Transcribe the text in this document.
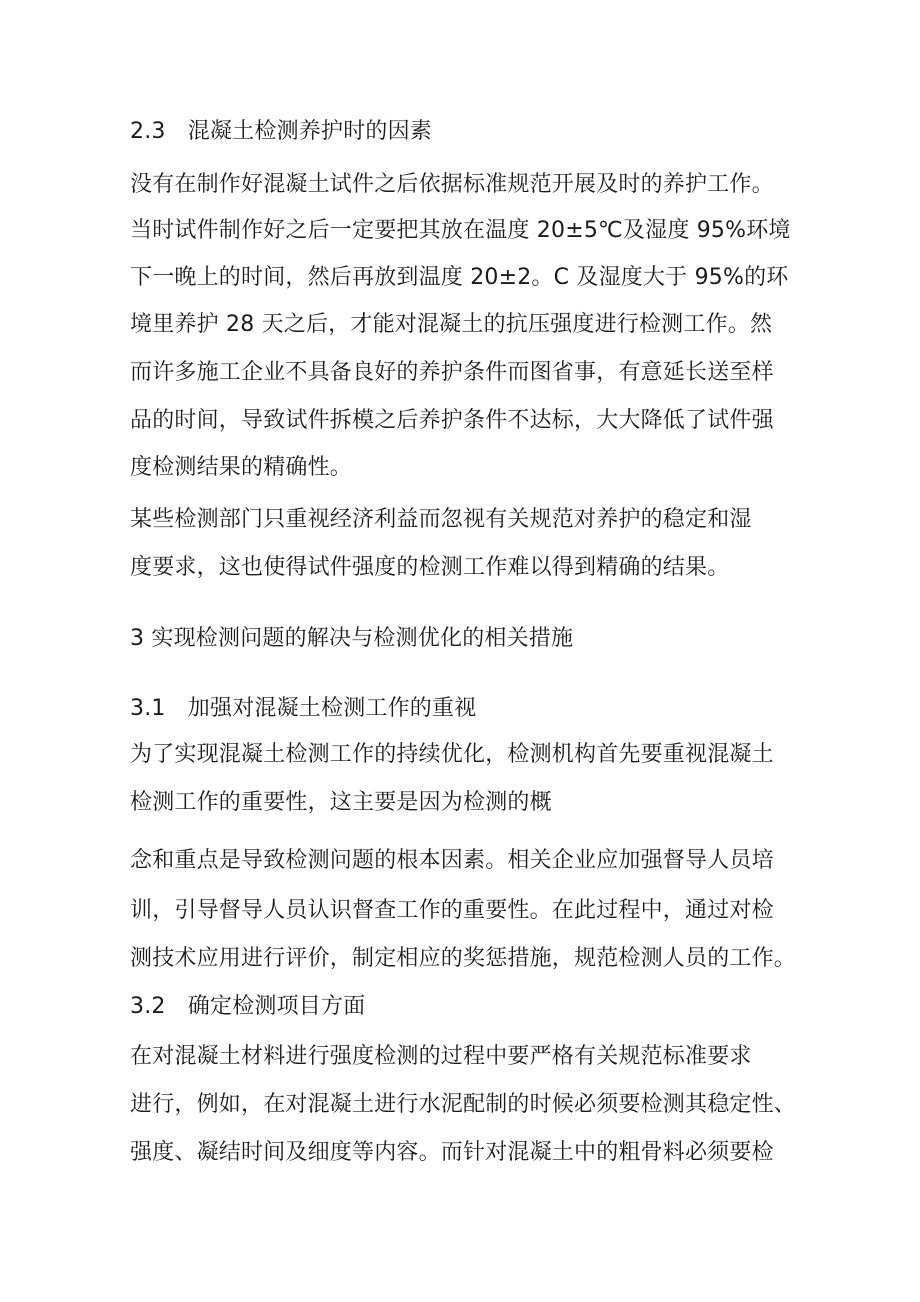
2.3　混凝土检测养护时的因素
没有在制作好混凝土试件之后依据标准规范开展及时的养护工作。
当时试件制作好之后一定要把其放在温度 20±5℃及湿度 95%环境
下一晚上的时间，然后再放到温度 20±2。C 及湿度大于 95%的环
境里养护 28 天之后，才能对混凝土的抗压强度进行检测工作。然
而许多施工企业不具备良好的养护条件而图省事，有意延长送至样
品的时间，导致试件拆模之后养护条件不达标，大大降低了试件强
度检测结果的精确性。
某些检测部门只重视经济利益而忽视有关规范对养护的稳定和湿
度要求，这也使得试件强度的检测工作难以得到精确的结果。
3 实现检测问题的解决与检测优化的相关措施
3.1　加强对混凝土检测工作的重视
为了实现混凝土检测工作的持续优化，检测机构首先要重视混凝土
检测工作的重要性，这主要是因为检测的概
念和重点是导致检测问题的根本因素。相关企业应加强督导人员培
训，引导督导人员认识督查工作的重要性。在此过程中，通过对检
测技术应用进行评价，制定相应的奖惩措施，规范检测人员的工作。
3.2　确定检测项目方面
在对混凝土材料进行强度检测的过程中要严格有关规范标准要求
进行，例如，在对混凝土进行水泥配制的时候必须要检测其稳定性、
强度、凝结时间及细度等内容。而针对混凝土中的粗骨料必须要检
